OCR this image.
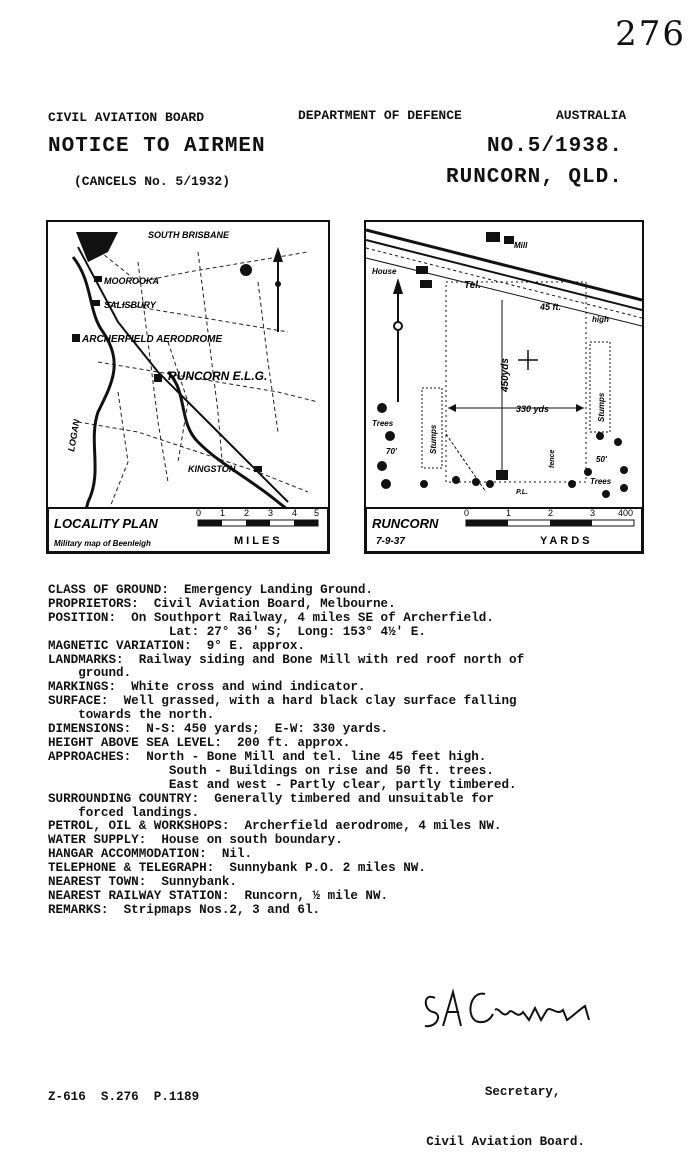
276
CIVIL AVIATION BOARD	DEPARTMENT OF DEFENCE	AUSTRALIA
NOTICE TO AIRMEN	NO.5/1938.
(CANCELS No. 5/1932)	RUNCORN, QLD.
SOUTH BRISBANE
MOOROOKA
SALISBURY
ARCHERFIELD AERODROME
RUNCORN E.L.G.
KINGSTON
LOGAN
LOCALITY PLAN
Military map of Beenleigh
0 1 2 3 4 5
MILES
Mill
House
Tel.
45 ft.
high
450yds
330 yds
Stumps
Stumps
Trees
70'
50'
Trees
P.L.
fence
RUNCORN
7-9-37
0	1	2	3	400
YARDS
CLASS OF GROUND: Emergency Landing Ground.
PROPRIETORS: Civil Aviation Board, Melbourne.
POSITION: On Southport Railway, 4 miles SE of Archerfield.
Lat: 27° 36' S;  Long: 153° 4½' E.
MAGNETIC VARIATION: 9° E. approx.
LANDMARKS: Railway siding and Bone Mill with red roof north of
ground.
MARKINGS: White cross and wind indicator.
SURFACE: Well grassed, with a hard black clay surface falling
towards the north.
DIMENSIONS: N-S: 450 yards;  E-W: 330 yards.
HEIGHT ABOVE SEA LEVEL: 200 ft. approx.
APPROACHES: North - Bone Mill and tel. line 45 feet high.
South - Buildings on rise and 50 ft. trees.
East and west - Partly clear, partly timbered.
SURROUNDING COUNTRY: Generally timbered and unsuitable for
forced landings.
PETROL, OIL & WORKSHOPS: Archerfield aerodrome, 4 miles NW.
WATER SUPPLY: House on south boundary.
HANGAR ACCOMMODATION: Nil.
TELEPHONE & TELEGRAPH: Sunnybank P.O. 2 miles NW.
NEAREST TOWN: Sunnybank.
NEAREST RAILWAY STATION: Runcorn, ½ mile NW.
REMARKS: Stripmaps Nos.2, 3 and 6l.

Secretary,

Civil Aviation Board.

Z-616  S.276  P.1189
